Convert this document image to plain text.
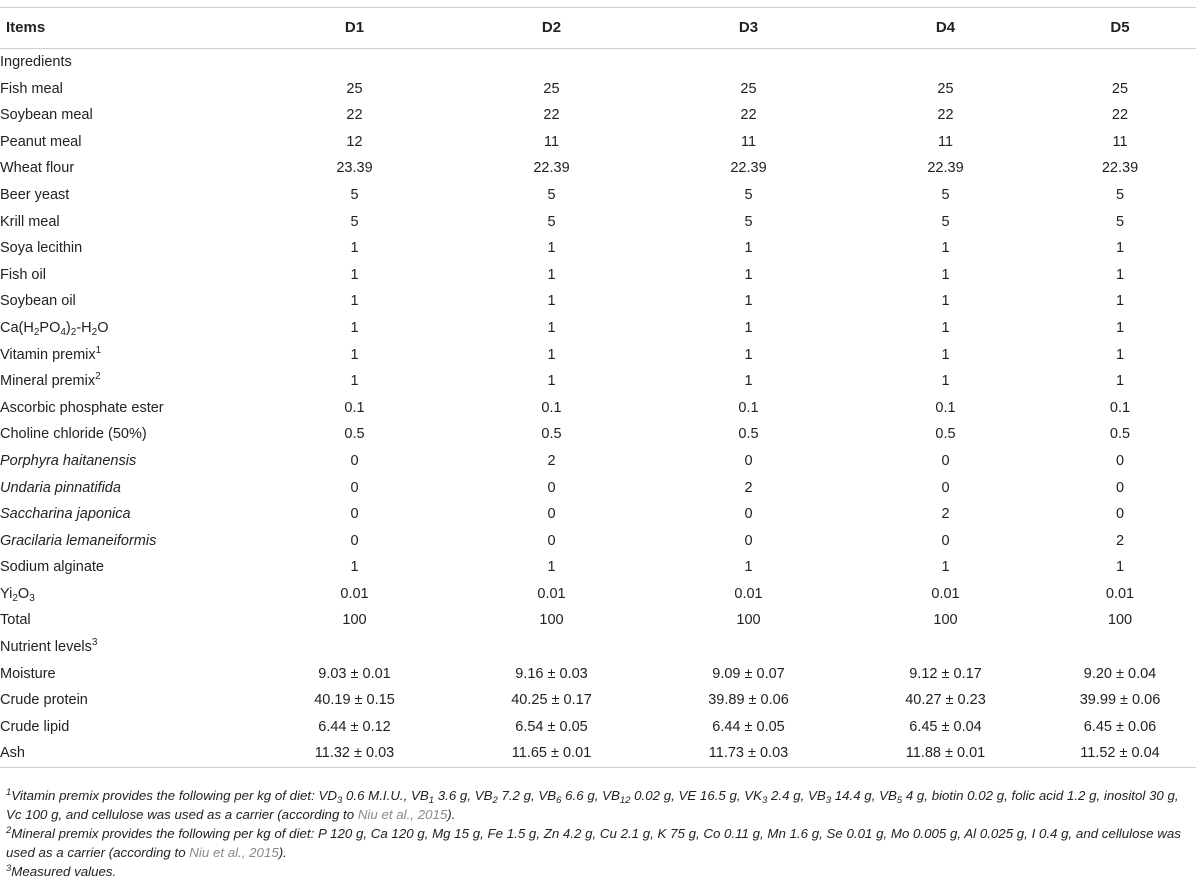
Items	D1	D2	D3	D4	D5
Ingredients					
Fish meal	25	25	25	25	25
Soybean meal	22	22	22	22	22
Peanut meal	12	11	11	11	11
Wheat flour	23.39	22.39	22.39	22.39	22.39
Beer yeast	5	5	5	5	5
Krill meal	5	5	5	5	5
Soya lecithin	1	1	1	1	1
Fish oil	1	1	1	1	1
Soybean oil	1	1	1	1	1
$Ca(H_2PO_4)_2-H_2O$	1	1	1	1	1
Vitamin premix$^1$	1	1	1	1	1
Mineral premix$^2$	1	1	1	1	1
Ascorbic phosphate ester	0.1	0.1	0.1	0.1	0.1
Choline chloride (50%)	0.5	0.5	0.5	0.5	0.5
Porphyra haitanensis	0	2	0	0	0
Undaria pinnatifida	0	0	2	0	0
Saccharina japonica	0	0	0	2	0
Gracilaria lemaneiformis	0	0	0	0	2
Sodium alginate	1	1	1	1	1
$Yi_2O_3$	0.01	0.01	0.01	0.01	0.01
Total	100	100	100	100	100
Nutrient levels$^3$
Moisture	9.03 ± 0.01	9.16 ± 0.03	9.09 ± 0.07	9.12 ± 0.17	9.20 ± 0.04
Crude protein	40.19 ± 0.15	40.25 ± 0.17	39.89 ± 0.06	40.27 ± 0.23	39.99 ± 0.06
Crude lipid	6.44 ± 0.12	6.54 ± 0.05	6.44 ± 0.05	6.45 ± 0.04	6.45 ± 0.06
Ash	11.32 ± 0.03	11.65 ± 0.01	11.73 ± 0.03	11.88 ± 0.01	11.52 ± 0.04

$^1$Vitamin premix provides the following per kg of diet: $VD_3$ 0.6 M.I.U., $VB_1$ 3.6 g, $VB_2$ 7.2 g, $VB_6$ 6.6 g, $VB_{12}$ 0.02 g, VE 16.5 g, $VK_3$ 2.4 g, $VB_3$ 14.4 g, $VB_5$ 4 g, biotin 0.02 g, folic acid 1.2 g, inositol 30 g, Vc 100 g, and cellulose was used as a carrier (according to Niu et al., 2015).

$^2$Mineral premix provides the following per kg of diet: P 120 g, Ca 120 g, Mg 15 g, Fe 1.5 g, Zn 4.2 g, Cu 2.1 g, K 75 g, Co 0.11 g, Mn 1.6 g, Se 0.01 g, Mo 0.005 g, Al 0.025 g, I 0.4 g, and cellulose was used as a carrier (according to Niu et al., 2015).

$^3$Measured values.
